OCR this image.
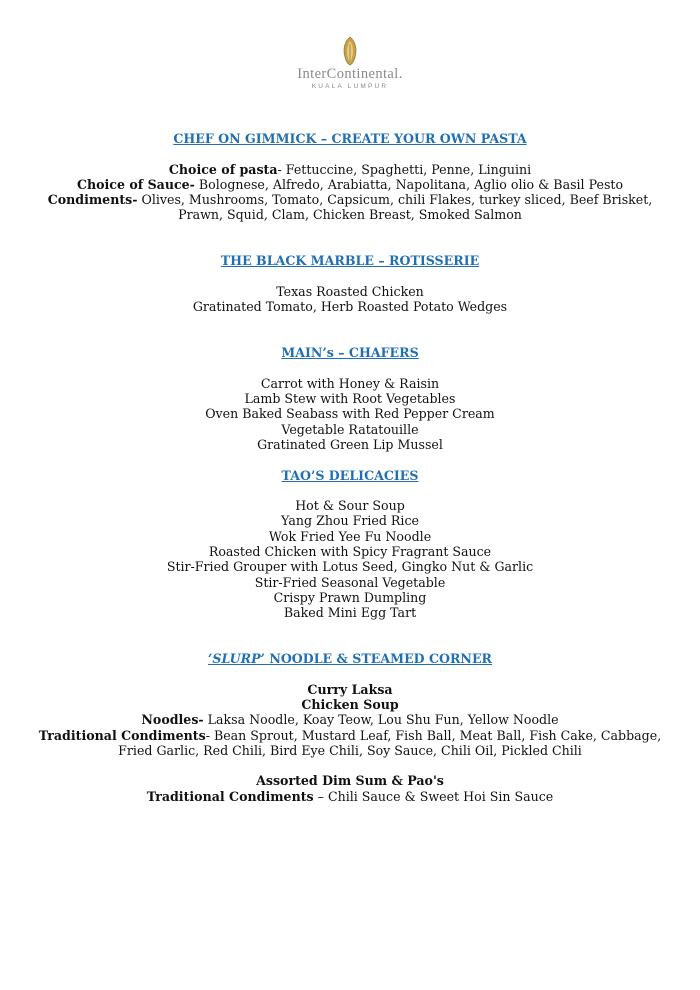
InterContinental.
KUALA LUMPUR
CHEF ON GIMMICK – CREATE YOUR OWN PASTA
Choice of pasta- Fettuccine, Spaghetti, Penne, Linguini
Choice of Sauce- Bolognese, Alfredo, Arabiatta, Napolitana, Aglio olio & Basil Pesto
Condiments- Olives, Mushrooms, Tomato, Capsicum, chili Flakes, turkey sliced, Beef Brisket,
Prawn, Squid, Clam, Chicken Breast, Smoked Salmon
THE BLACK MARBLE – ROTISSERIE
Texas Roasted Chicken
Gratinated Tomato, Herb Roasted Potato Wedges
MAIN’s – CHAFERS
Carrot with Honey & Raisin
Lamb Stew with Root Vegetables
Oven Baked Seabass with Red Pepper Cream
Vegetable Ratatouille
Gratinated Green Lip Mussel
TAO’S DELICACIES
Hot & Sour Soup
Yang Zhou Fried Rice
Wok Fried Yee Fu Noodle
Roasted Chicken with Spicy Fragrant Sauce
Stir-Fried Grouper with Lotus Seed, Gingko Nut & Garlic
Stir-Fried Seasonal Vegetable
Crispy Prawn Dumpling
Baked Mini Egg Tart
‘SLURP’ NOODLE & STEAMED CORNER
Curry Laksa
Chicken Soup
Noodles- Laksa Noodle, Koay Teow, Lou Shu Fun, Yellow Noodle
Traditional Condiments- Bean Sprout, Mustard Leaf, Fish Ball, Meat Ball, Fish Cake, Cabbage,
Fried Garlic, Red Chili, Bird Eye Chili, Soy Sauce, Chili Oil, Pickled Chili
Assorted Dim Sum & Pao's
Traditional Condiments – Chili Sauce & Sweet Hoi Sin Sauce
